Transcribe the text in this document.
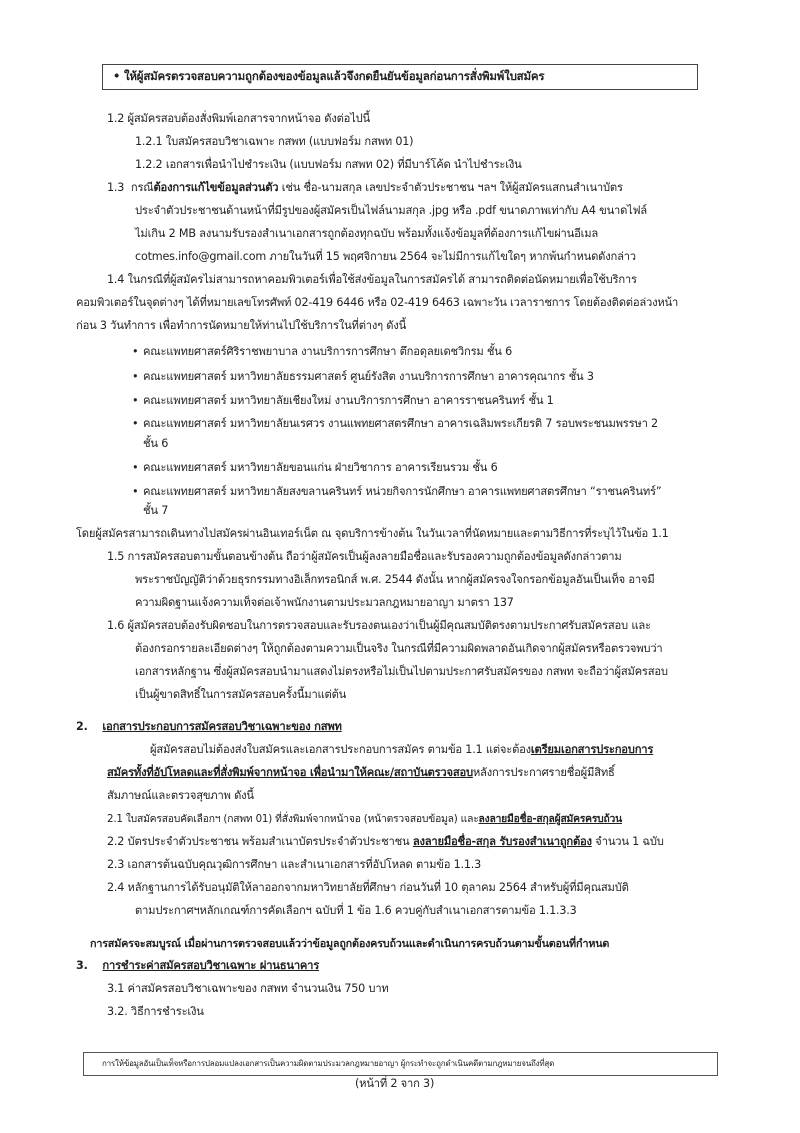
• ให้ผู้สมัครตรวจสอบความถูกต้องของข้อมูลแล้วจึงกดยืนยันข้อมูลก่อนการสั่งพิมพ์ใบสมัคร
1.2 ผู้สมัครสอบต้องสั่งพิมพ์เอกสารจากหน้าจอ ดังต่อไปนี้
1.2.1 ใบสมัครสอบวิชาเฉพาะ กสพท (แบบฟอร์ม กสพท 01)
1.2.2 เอกสารเพื่อนำไปชำระเงิน (แบบฟอร์ม กสพท 02) ที่มีบาร์โค้ด นำไปชำระเงิน
1.3 กรณีต้องการแก้ไขข้อมูลส่วนตัว เช่น ชื่อ-นามสกุล เลขประจำตัวประชาชน ฯลฯ ให้ผู้สมัครแสกนสำเนาบัตร
ประจำตัวประชาชนด้านหน้าที่มีรูปของผู้สมัครเป็นไฟล์นามสกุล .jpg หรือ .pdf ขนาดภาพเท่ากับ A4 ขนาดไฟล์
ไม่เกิน 2 MB ลงนามรับรองสำเนาเอกสารถูกต้องทุกฉบับ พร้อมทั้งแจ้งข้อมูลที่ต้องการแก้ไขผ่านอีเมล
cotmes.info@gmail.com ภายในวันที่ 15 พฤศจิกายน 2564 จะไม่มีการแก้ไขใดๆ หากพ้นกำหนดดังกล่าว
1.4 ในกรณีที่ผู้สมัครไม่สามารถหาคอมพิวเตอร์เพื่อใช้ส่งข้อมูลในการสมัครได้ สามารถติดต่อนัดหมายเพื่อใช้บริการ
คอมพิวเตอร์ในจุดต่างๆ ได้ที่หมายเลขโทรศัพท์ 02-419 6446 หรือ 02-419 6463 เฉพาะวัน เวลาราชการ โดยต้องติดต่อล่วงหน้า
ก่อน 3 วันทำการ เพื่อทำการนัดหมายให้ท่านไปใช้บริการในที่ต่างๆ ดังนี้
• คณะแพทยศาสตร์ศิริราชพยาบาล งานบริการการศึกษา ตึกอดุลยเดชวิกรม ชั้น 6
• คณะแพทยศาสตร์ มหาวิทยาลัยธรรมศาสตร์ ศูนย์รังสิต งานบริการการศึกษา อาคารคุณากร ชั้น 3
• คณะแพทยศาสตร์ มหาวิทยาลัยเชียงใหม่ งานบริการการศึกษา อาคารราชนครินทร์ ชั้น 1
• คณะแพทยศาสตร์ มหาวิทยาลัยนเรศวร งานแพทยศาสตรศึกษา อาคารเฉลิมพระเกียรติ 7 รอบพระชนมพรรษา 2
ชั้น 6
• คณะแพทยศาสตร์ มหาวิทยาลัยขอนแก่น ฝ่ายวิชาการ อาคารเรียนรวม ชั้น 6
• คณะแพทยศาสตร์ มหาวิทยาลัยสงขลานครินทร์ หน่วยกิจการนักศึกษา อาคารแพทยศาสตรศึกษา “ราชนครินทร์”
ชั้น 7
โดยผู้สมัครสามารถเดินทางไปสมัครผ่านอินเทอร์เน็ต ณ จุดบริการข้างต้น ในวันเวลาที่นัดหมายและตามวิธีการที่ระบุไว้ในข้อ 1.1
1.5 การสมัครสอบตามขั้นตอนข้างต้น ถือว่าผู้สมัครเป็นผู้ลงลายมือชื่อและรับรองความถูกต้องข้อมูลดังกล่าวตาม
พระราชบัญญัติว่าด้วยธุรกรรมทางอิเล็กทรอนิกส์ พ.ศ. 2544 ดังนั้น หากผู้สมัครจงใจกรอกข้อมูลอันเป็นเท็จ อาจมี
ความผิดฐานแจ้งความเท็จต่อเจ้าพนักงานตามประมวลกฎหมายอาญา มาตรา 137
1.6 ผู้สมัครสอบต้องรับผิดชอบในการตรวจสอบและรับรองตนเองว่าเป็นผู้มีคุณสมบัติตรงตามประกาศรับสมัครสอบ และ
ต้องกรอกรายละเอียดต่างๆ ให้ถูกต้องตามความเป็นจริง ในกรณีที่มีความผิดพลาดอันเกิดจากผู้สมัครหรือตรวจพบว่า
เอกสารหลักฐาน ซึ่งผู้สมัครสอบนำมาแสดงไม่ตรงหรือไม่เป็นไปตามประกาศรับสมัครของ กสพท จะถือว่าผู้สมัครสอบ
เป็นผู้ขาดสิทธิ์ในการสมัครสอบครั้งนี้มาแต่ต้น
2. เอกสารประกอบการสมัครสอบวิชาเฉพาะของ กสพท
ผู้สมัครสอบไม่ต้องส่งใบสมัครและเอกสารประกอบการสมัคร ตามข้อ 1.1 แต่จะต้องเตรียมเอกสารประกอบการ
สมัครทั้งที่อัปโหลดและที่สั่งพิมพ์จากหน้าจอ เพื่อนำมาให้คณะ/สถาบันตรวจสอบหลังการประกาศรายชื่อผู้มีสิทธิ์
สัมภาษณ์และตรวจสุขภาพ ดังนี้
2.1 ใบสมัครสอบคัดเลือกฯ (กสพท 01) ที่สั่งพิมพ์จากหน้าจอ (หน้าตรวจสอบข้อมูล) และลงลายมือชื่อ-สกุลผู้สมัครครบถ้วน
2.2 บัตรประจำตัวประชาชน พร้อมสำเนาบัตรประจำตัวประชาชน ลงลายมือชื่อ-สกุล รับรองสำเนาถูกต้อง จำนวน 1 ฉบับ
2.3 เอกสารต้นฉบับคุณวุฒิการศึกษา และสำเนาเอกสารที่อัปโหลด ตามข้อ 1.1.3
2.4 หลักฐานการได้รับอนุมัติให้ลาออกจากมหาวิทยาลัยที่ศึกษา ก่อนวันที่ 10 ตุลาคม 2564 สำหรับผู้ที่มีคุณสมบัติ
ตามประกาศฯหลักเกณฑ์การคัดเลือกฯ ฉบับที่ 1 ข้อ 1.6 ควบคู่กับสำเนาเอกสารตามข้อ 1.1.3.3
การสมัครจะสมบูรณ์ เมื่อผ่านการตรวจสอบแล้วว่าข้อมูลถูกต้องครบถ้วนและดำเนินการครบถ้วนตามขั้นตอนที่กำหนด
3. การชำระค่าสมัครสอบวิชาเฉพาะ ผ่านธนาคาร
3.1 ค่าสมัครสอบวิชาเฉพาะของ กสพท จำนวนเงิน 750 บาท
3.2. วิธีการชำระเงิน
การให้ข้อมูลอันเป็นเท็จหรือการปลอมแปลงเอกสารเป็นความผิดตามประมวลกฎหมายอาญา ผู้กระทำจะถูกดำเนินคดีตามกฎหมายจนถึงที่สุด
(หน้าที่ 2 จาก 3)
